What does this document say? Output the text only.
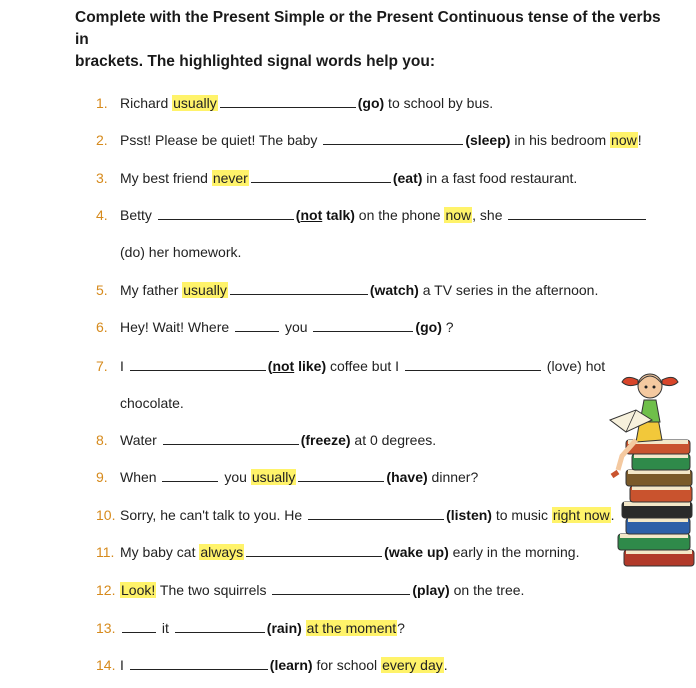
Complete with the Present Simple or the Present Continuous tense of the verbs in
brackets. The highlighted signal words help you:
1. Richard usually	(go) to school by bus.
2. Psst! Please be quiet! The baby	(sleep) in his bedroom now!
3. My best friend never	(eat) in a fast food restaurant.
4. Betty	(not talk) on the phone now, she
(do) her homework.
5. My father usually	(watch) a TV series in the afternoon.
6. Hey! Wait! Where	you	(go) ?
7. I	(not like) coffee but I	(love) hot
chocolate.
8. Water	(freeze) at 0 degrees.
9. When	you usually	(have) dinner?
10. Sorry, he can't talk to you. He	(listen) to music right now.
11. My baby cat always	(wake up) early in the morning.
12. Look! The two squirrels	(play) on the tree.
13.	it	(rain) at the moment?
14. I	(learn) for school every day.
